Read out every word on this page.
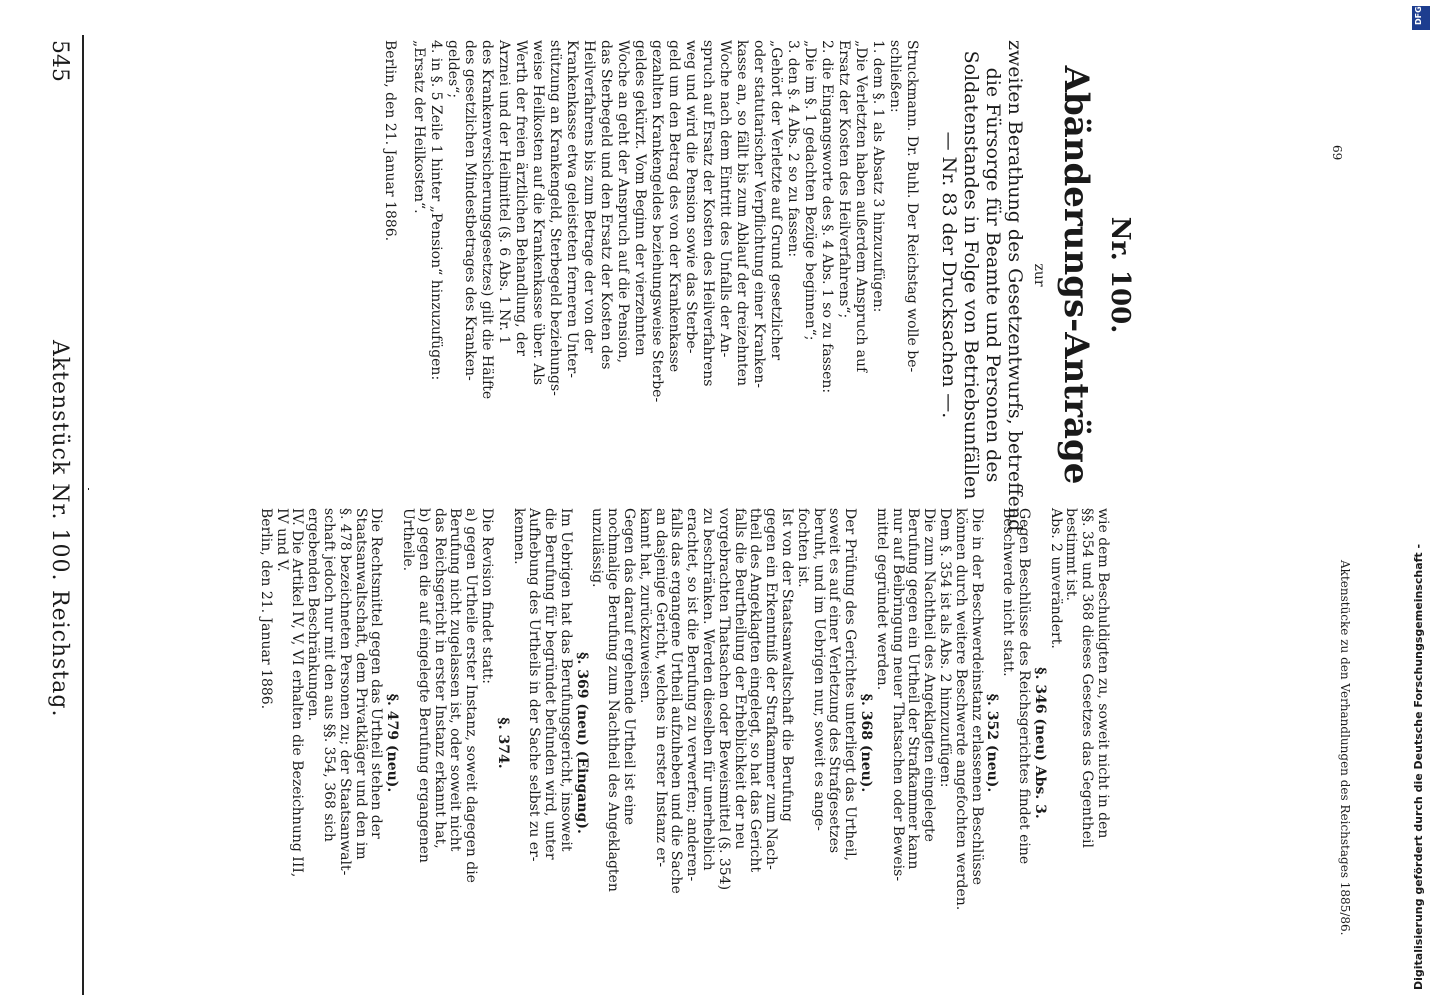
Reichstag.
Aktenstück Nr. 100.
545
wie dem Beschuldigten zu, soweit nicht in den
§§. 354 und 368 dieses Gesetzes das Gegentheil
bestimmt ist.
Abs. 2 unverändert.
§. 346 (neu) Abs. 3.
Gegen Beschlüsse des Reichsgerichtes findet eine
Beschwerde nicht statt.
§. 352 (neu).
Die in der Beschwerdeinstanz erlassenen Beschlüsse
können durch weitere Beschwerde angefochten werden.
Dem §. 354 ist als Abs. 2 hinzuzufügen:
Die zum Nachtheil des Angeklagten eingelegte
Berufung gegen ein Urtheil der Strafkammer kann
nur auf Beibringung neuer Thatsachen oder Beweis-
mittel gegründet werden.
§. 368 (neu).
Der Prüfung des Gerichtes unterliegt das Urtheil,
soweit es auf einer Verletzung des Strafgesetzes
beruht, und im Uebrigen nur, soweit es ange-
fochten ist.
Ist von der Staatsanwaltschaft die Berufung
gegen ein Erkenntniß der Strafkammer zum Nach-
theil des Angeklagten eingelegt, so hat das Gericht
falls die Beurtheilung der Erheblichkeit der neu
vorgebrachten Thatsachen oder Beweismittel (§. 354)
zu beschränken. Werden dieselben für unerheblich
erachtet, so ist die Berufung zu verwerfen; anderen-
falls das ergangene Urtheil aufzuheben und die Sache
an dasjenige Gericht, welches in erster Instanz er-
kannt hat, zurückzuweisen.
Gegen das darauf ergehende Urtheil ist eine
nochmalige Berufung zum Nachtheil des Angeklagten
unzulässig.
§. 369 (neu) (Eingang).
Im Uebrigen hat das Berufungsgericht, insoweit
die Berufung für begründet befunden wird, unter
Aufhebung des Urtheils in der Sache selbst zu er-
kennen.
§. 374.
Die Revision findet statt:
a) gegen Urtheile erster Instanz, soweit dagegen die
Berufung nicht zugelassen ist, oder soweit nicht
das Reichsgericht in erster Instanz erkannt hat,
b) gegen die auf eingelegte Berufung ergangenen
Urtheile.
§. 479 (neu).
Die Rechtsmittel gegen das Urtheil stehen der
Staatsanwaltschaft, dem Privatkläger und den im
§. 478 bezeichneten Personen zu; der Staatsanwalt-
schaft jedoch nur mit den aus §§. 354, 368 sich
ergebenden Beschränkungen.
IV. Die Artikel IV, V, VI erhalten die Bezeichnung III,
IV und V.
Berlin, den 21. Januar 1886.
Nr. 100.
Abänderungs-Anträge
zur
zweiten Berathung des Gesetzentwurfs, betreffend
die Fürsorge für Beamte und Personen des
Soldatenstandes in Folge von Betriebsunfällen
— Nr. 83 der Drucksachen —.
Struckmann. Dr. Buhl. Der Reichstag wolle be-
schließen:
1. dem §. 1 als Absatz 3 hinzuzufügen:
„Die Verletzten haben außerdem Anspruch auf
Ersatz der Kosten des Heilverfahrens“;
2. die Eingangsworte des §. 4 Abs. 1 so zu fassen:
„Die im §. 1 gedachten Bezüge beginnen“;
3. den §. 4 Abs. 2 so zu fassen:
„Gehört der Verletzte auf Grund gesetzlicher
oder statutarischer Verpflichtung einer Kranken-
kasse an, so fällt bis zum Ablauf der dreizehnten
Woche nach dem Eintritt des Unfalls der An-
spruch auf Ersatz der Kosten des Heilverfahrens
weg und wird die Pension sowie das Sterbe-
geld um den Betrag des von der Krankenkasse
gezahlten Krankengeldes beziehungsweise Sterbe-
geldes gekürzt. Vom Beginn der vierzehnten
Woche an geht der Anspruch auf die Pension,
das Sterbegeld und den Ersatz der Kosten des
Heilverfahrens bis zum Betrage der von der
Krankenkasse etwa geleisteten ferneren Unter-
stützung an Krankengeld, Sterbegeld beziehungs-
weise Heilkosten auf die Krankenkasse über. Als
Werth der freien ärztlichen Behandlung, der
Arznei und der Heilmittel (§. 6 Abs. 1 Nr. 1
des Krankenversicherungsgesetzes) gilt die Hälfte
des gesetzlichen Mindestbetrages des Kranken-
geldes“;
4. in §. 5 Zeile 1 hinter „Pension“ hinzuzufügen:
„Ersatz der Heilkosten“.
Berlin, den 21. Januar 1886.
Aktenstücke zu den Verhandlungen des Reichstages 1885/86.
69
Digitalisierung gefördert durch die Deutsche Forschungsgemeinschaft -
DFG
